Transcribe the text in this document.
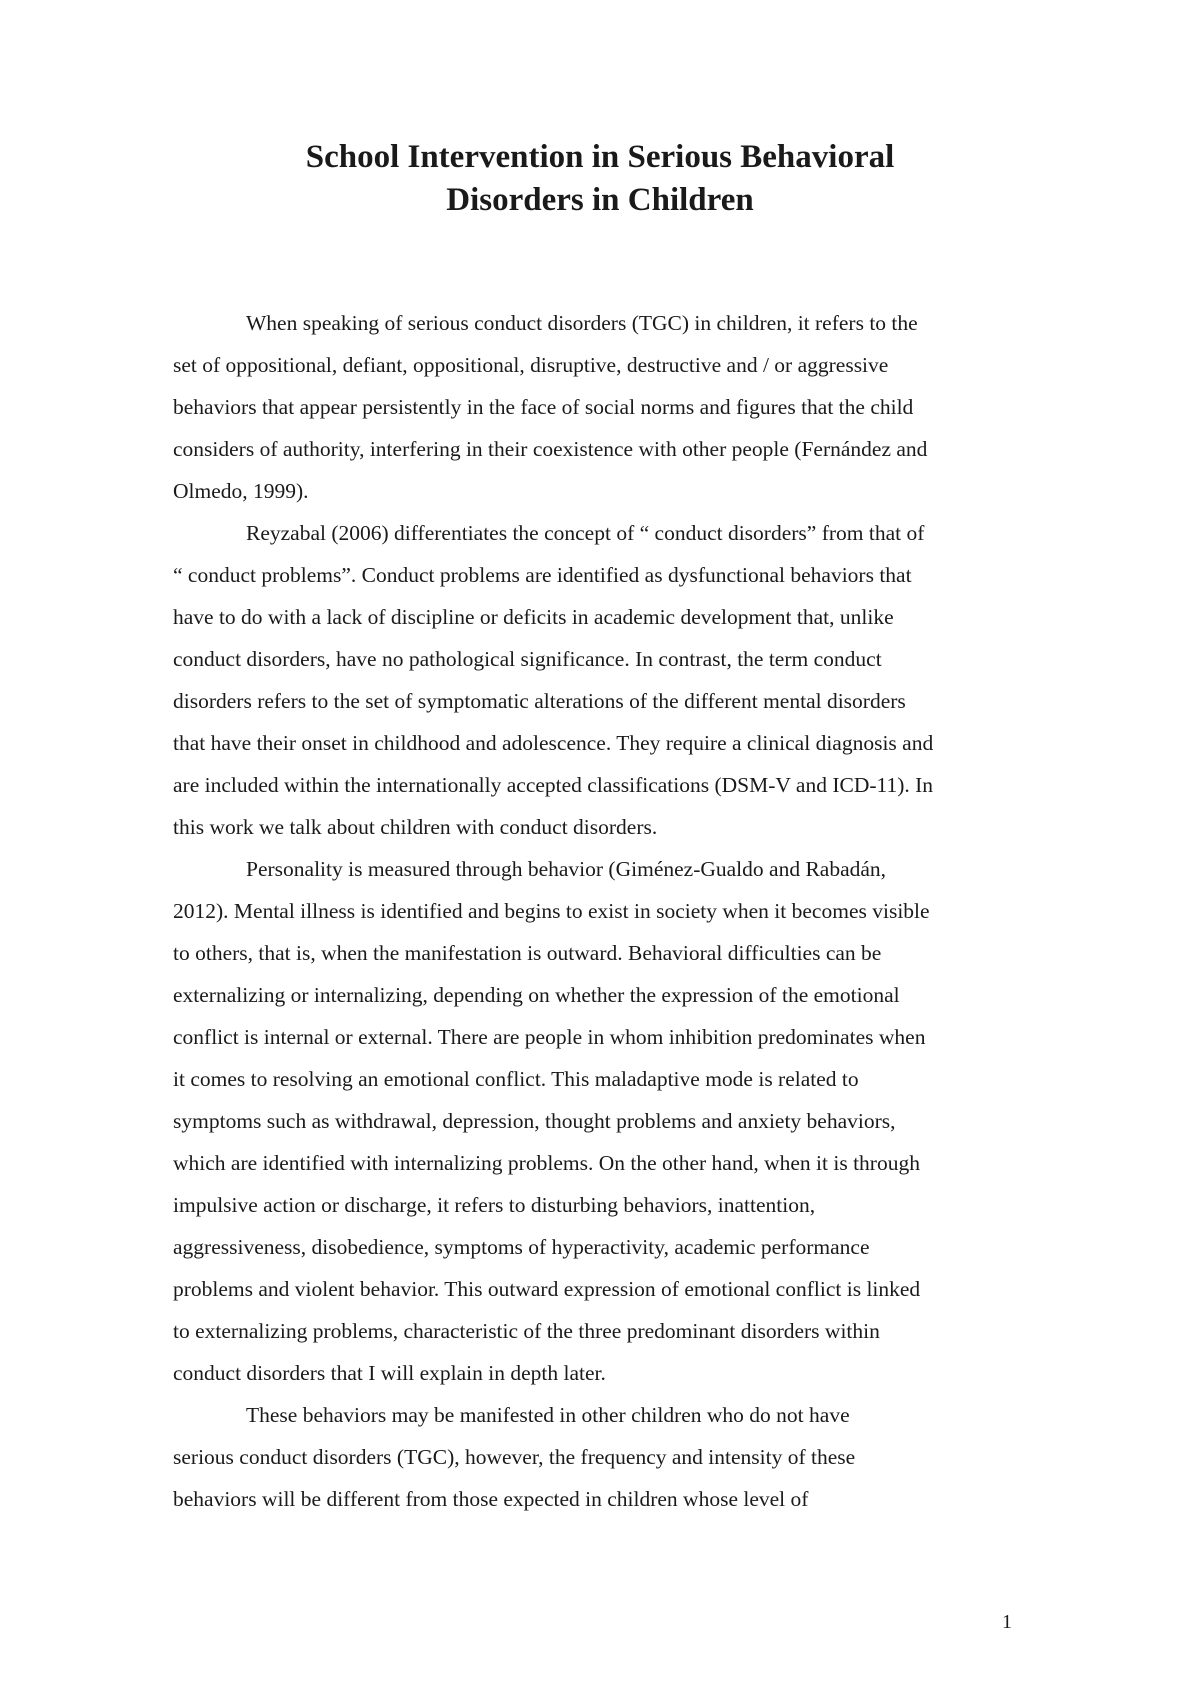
School Intervention in Serious Behavioral
Disorders in Children
When speaking of serious conduct disorders (TGC) in children, it refers to the
set of oppositional, defiant, oppositional, disruptive, destructive and / or aggressive
behaviors that appear persistently in the face of social norms and figures that the child
considers of authority, interfering in their coexistence with other people (Fernández and
Olmedo, 1999).
Reyzabal (2006) differentiates the concept of “ conduct disorders” from that of
“ conduct problems”. Conduct problems are identified as dysfunctional behaviors that
have to do with a lack of discipline or deficits in academic development that, unlike
conduct disorders, have no pathological significance. In contrast, the term conduct
disorders refers to the set of symptomatic alterations of the different mental disorders
that have their onset in childhood and adolescence. They require a clinical diagnosis and
are included within the internationally accepted classifications (DSM-V and ICD-11). In
this work we talk about children with conduct disorders.
Personality is measured through behavior (Giménez-Gualdo and Rabadán,
2012). Mental illness is identified and begins to exist in society when it becomes visible
to others, that is, when the manifestation is outward. Behavioral difficulties can be
externalizing or internalizing, depending on whether the expression of the emotional
conflict is internal or external. There are people in whom inhibition predominates when
it comes to resolving an emotional conflict. This maladaptive mode is related to
symptoms such as withdrawal, depression, thought problems and anxiety behaviors,
which are identified with internalizing problems. On the other hand, when it is through
impulsive action or discharge, it refers to disturbing behaviors, inattention,
aggressiveness, disobedience, symptoms of hyperactivity, academic performance
problems and violent behavior. This outward expression of emotional conflict is linked
to externalizing problems, characteristic of the three predominant disorders within
conduct disorders that I will explain in depth later.
These behaviors may be manifested in other children who do not have
serious conduct disorders (TGC), however, the frequency and intensity of these
behaviors will be different from those expected in children whose level of
1
